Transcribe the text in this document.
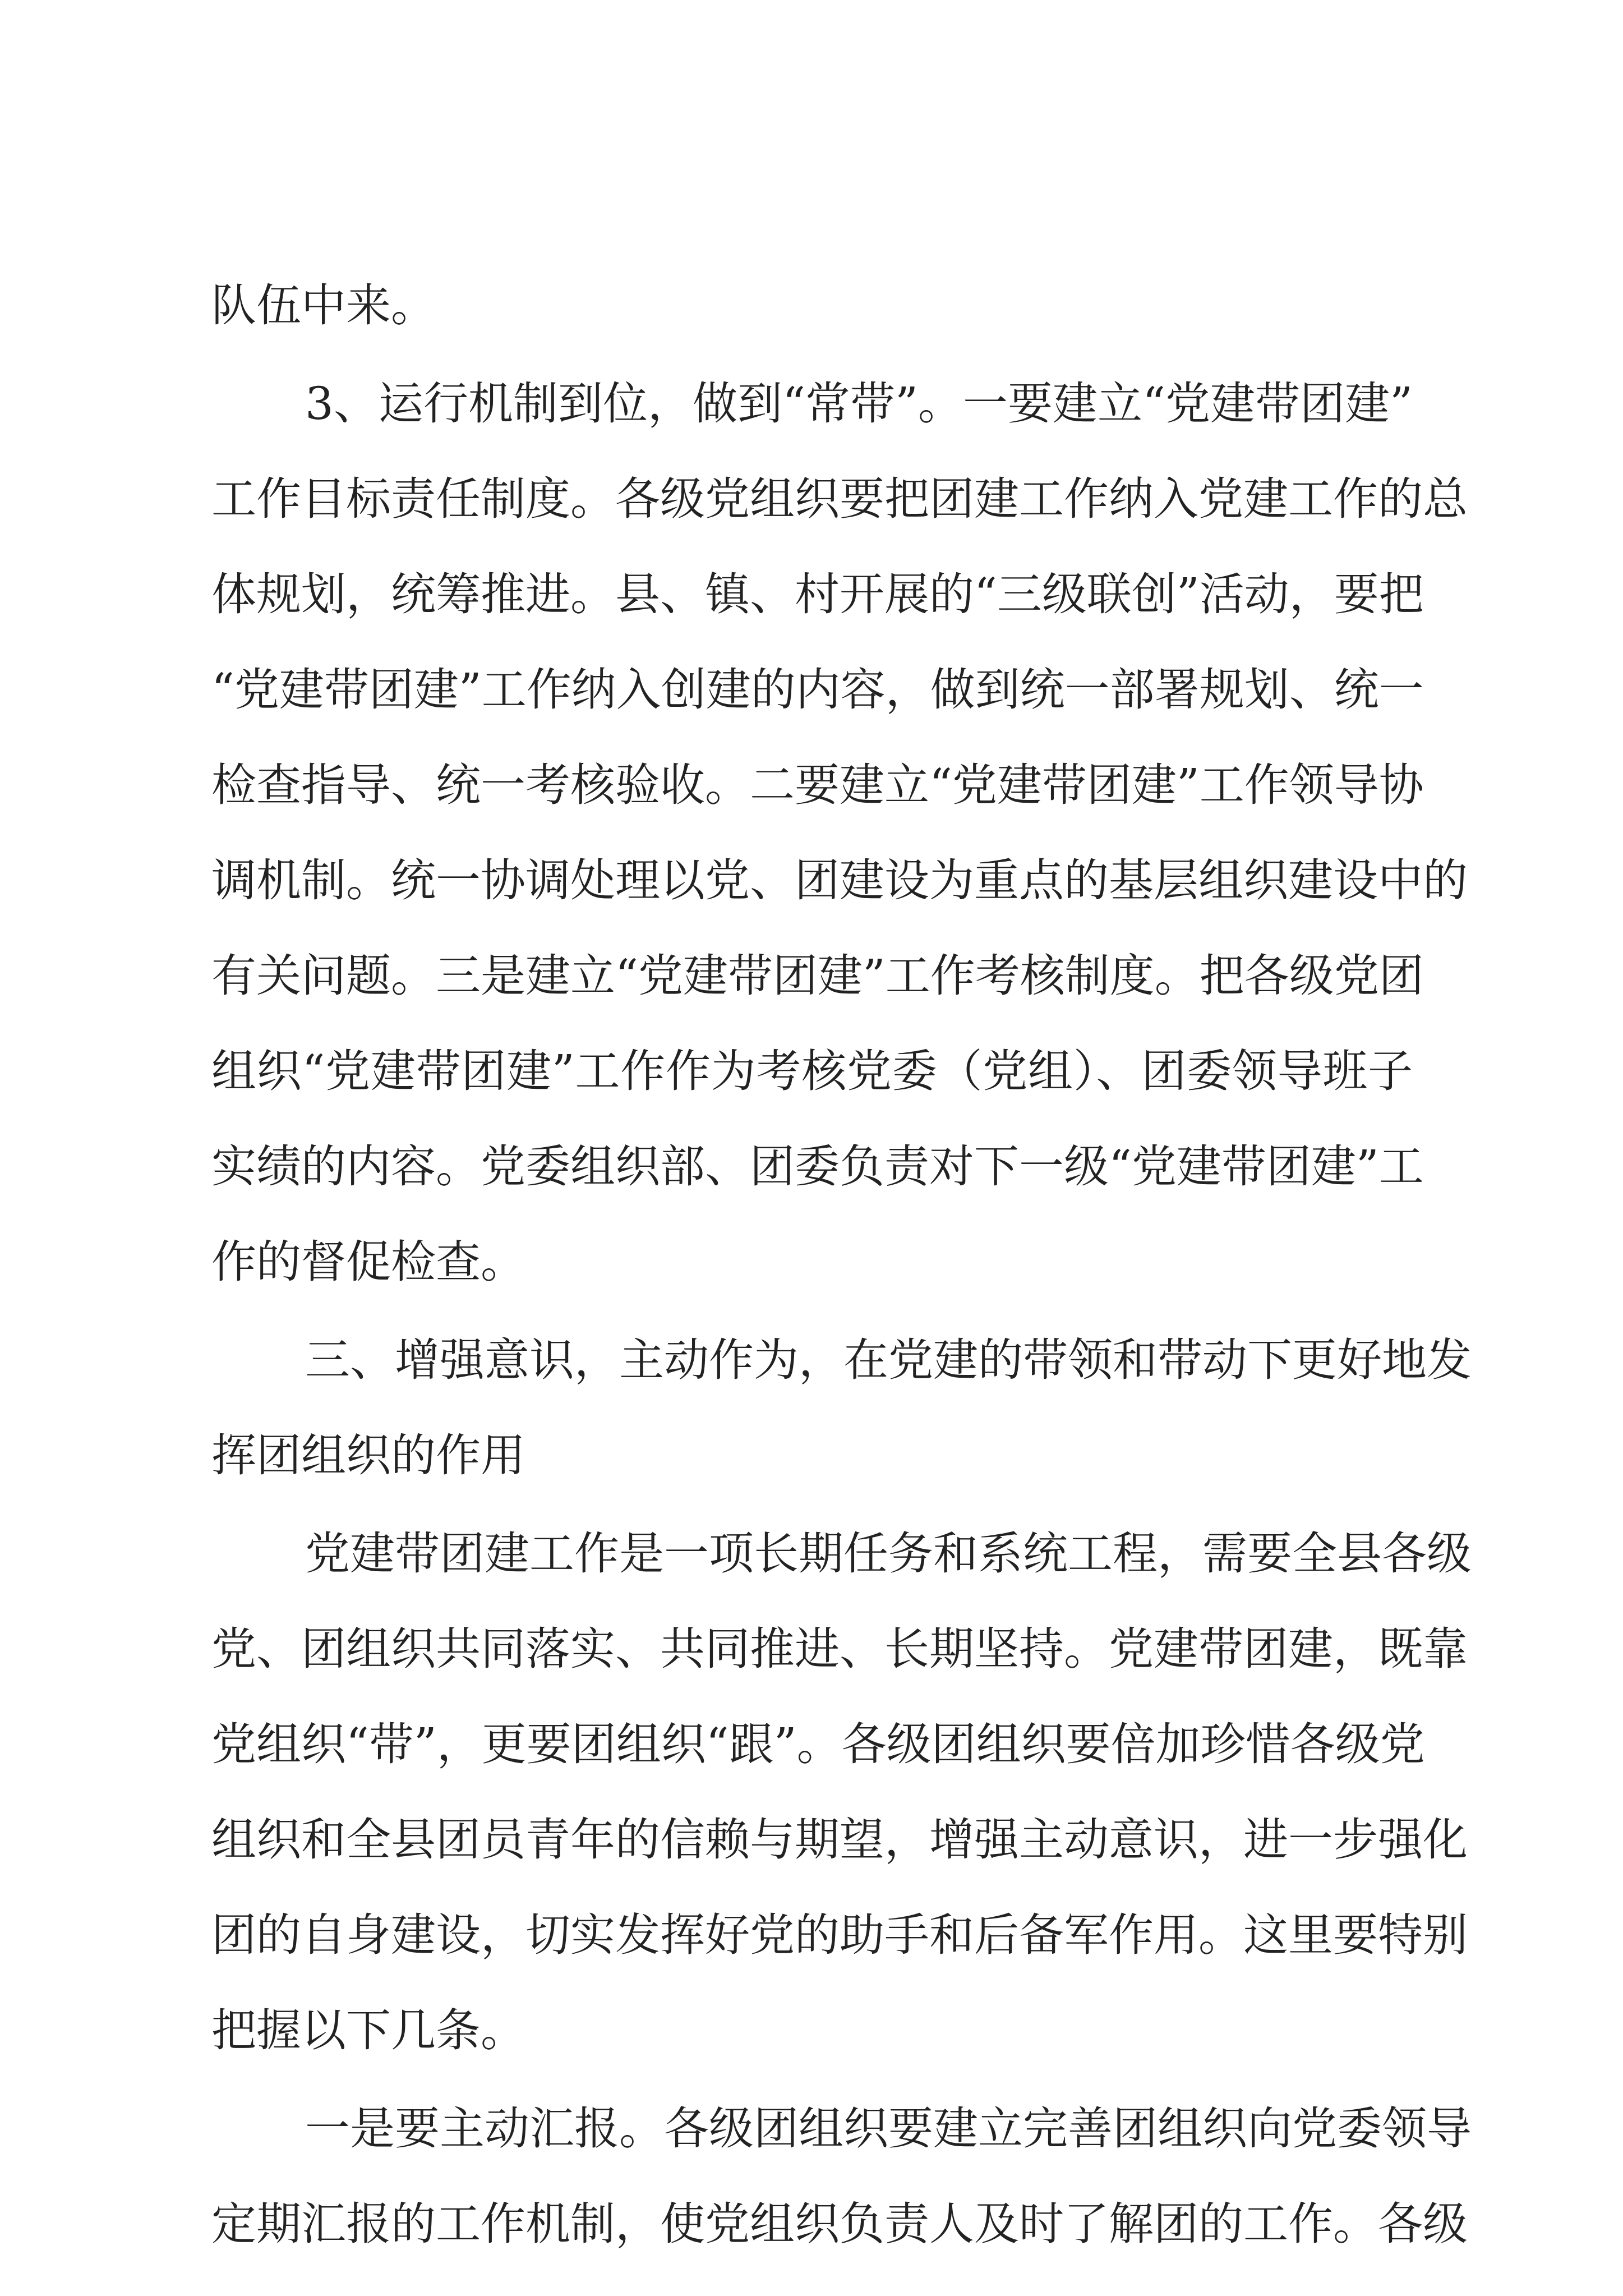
队伍中来。
3、运行机制到位，做到“常带”。一要建立“党建带团建”
工作目标责任制度。各级党组织要把团建工作纳入党建工作的总
体规划，统筹推进。县、镇、村开展的“三级联创”活动，要把
“党建带团建”工作纳入创建的内容，做到统一部署规划、统一
检查指导、统一考核验收。二要建立“党建带团建”工作领导协
调机制。统一协调处理以党、团建设为重点的基层组织建设中的
有关问题。三是建立“党建带团建”工作考核制度。把各级党团
组织“党建带团建”工作作为考核党委（党组）、团委领导班子
实绩的内容。党委组织部、团委负责对下一级“党建带团建”工
作的督促检查。
三、增强意识，主动作为，在党建的带领和带动下更好地发
挥团组织的作用
党建带团建工作是一项长期任务和系统工程，需要全县各级
党、团组织共同落实、共同推进、长期坚持。党建带团建，既靠
党组织“带”，更要团组织“跟”。各级团组织要倍加珍惜各级党
组织和全县团员青年的信赖与期望，增强主动意识，进一步强化
团的自身建设，切实发挥好党的助手和后备军作用。这里要特别
把握以下几条。
一是要主动汇报。各级团组织要建立完善团组织向党委领导
定期汇报的工作机制，使党组织负责人及时了解团的工作。各级
